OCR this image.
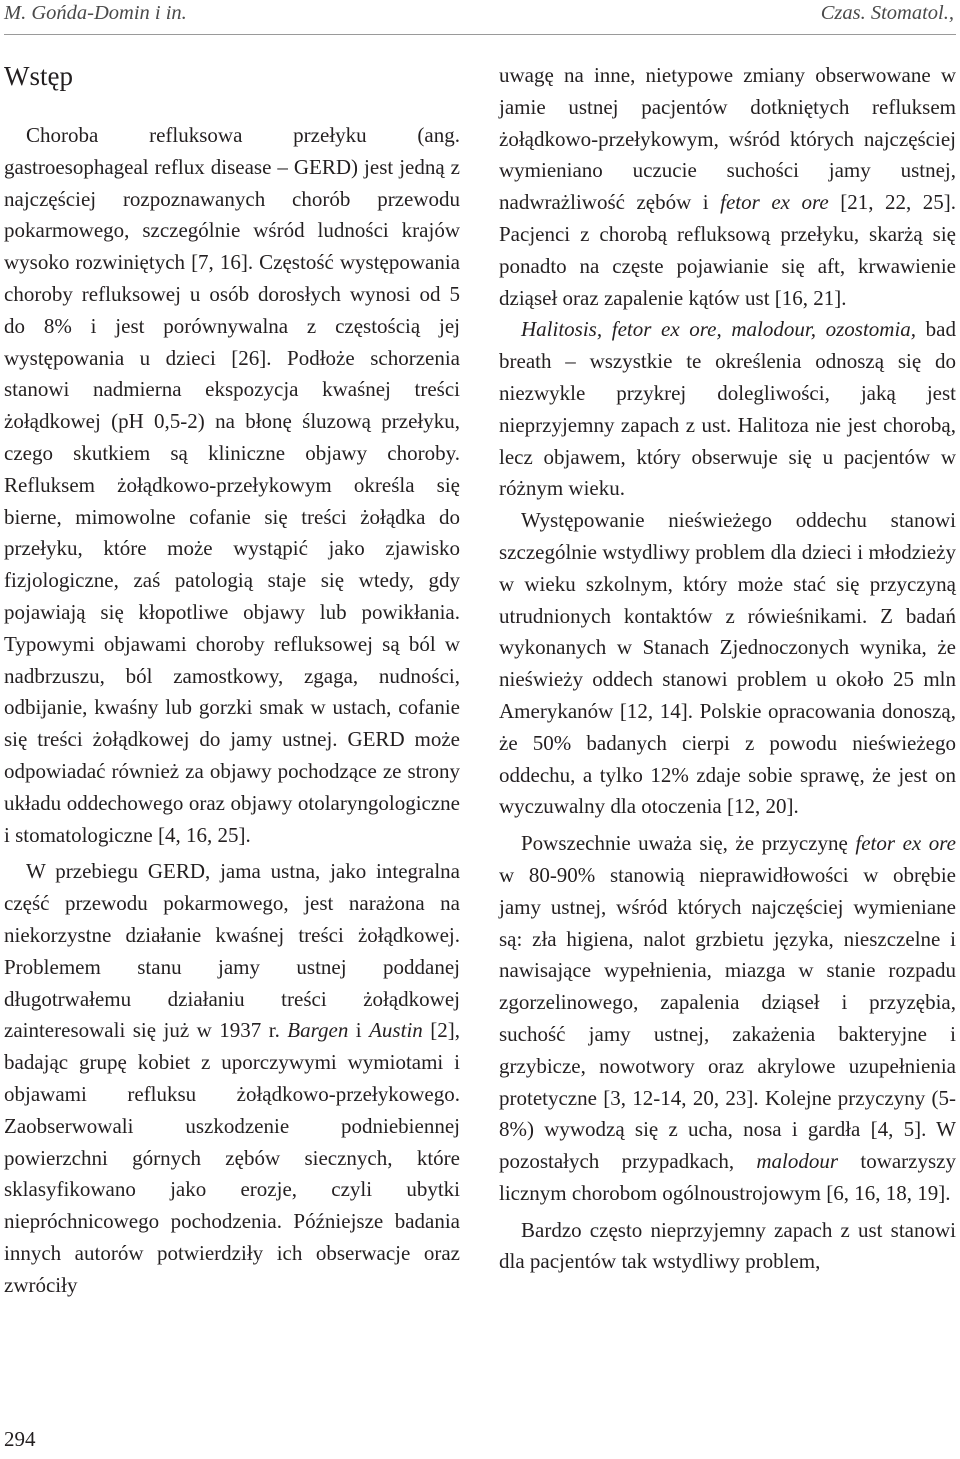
M. Gońda-Domin i in.	Czas. Stomatol.,
Wstęp

Choroba refluksowa przełyku (ang. gastroesophageal reflux disease – GERD) jest jedną z najczęściej rozpoznawanych chorób przewodu pokarmowego, szczególnie wśród ludności krajów wysoko rozwiniętych [7, 16]. Częstość występowania choroby refluksowej u osób dorosłych wynosi od 5 do 8% i jest porównywalna z częstością jej występowania u dzieci [26]. Podłoże schorzenia stanowi nadmierna ekspozycja kwaśnej treści żołądkowej (pH 0,5-2) na błonę śluzową przełyku, czego skutkiem są kliniczne objawy choroby. Refluksem żołądkowo-przełykowym określa się bierne, mimowolne cofanie się treści żołądka do przełyku, które może wystąpić jako zjawisko fizjologiczne, zaś patologią staje się wtedy, gdy pojawiają się kłopotliwe objawy lub powikłania. Typowymi objawami choroby refluksowej są ból w nadbrzuszu, ból zamostkowy, zgaga, nudności, odbijanie, kwaśny lub gorzki smak w ustach, cofanie się treści żołądkowej do jamy ustnej. GERD może odpowiadać również za objawy pochodzące ze strony układu oddechowego oraz objawy otolaryngologiczne i stomatologiczne [4, 16, 25].

W przebiegu GERD, jama ustna, jako integralna część przewodu pokarmowego, jest narażona na niekorzystne działanie kwaśnej treści żołądkowej. Problemem stanu jamy ustnej poddanej długotrwałemu działaniu treści żołądkowej zainteresowali się już w 1937 r. Bargen i Austin [2], badając grupę kobiet z uporczywymi wymiotami i objawami refluksu żołądkowo-przełykowego. Zaobserwowali uszkodzenie podniebiennej powierzchni górnych zębów siecznych, które sklasyfikowano jako erozje, czyli ubytki niepróchnicowego pochodzenia. Późniejsze badania innych autorów potwierdziły ich obserwacje oraz zwróciły

uwagę na inne, nietypowe zmiany obserwowane w jamie ustnej pacjentów dotkniętych refluksem żołądkowo-przełykowym, wśród których najczęściej wymieniano uczucie suchości jamy ustnej, nadwrażliwość zębów i fetor ex ore [21, 22, 25]. Pacjenci z chorobą refluksową przełyku, skarżą się ponadto na częste pojawianie się aft, krwawienie dziąseł oraz zapalenie kątów ust [16, 21].

Halitosis, fetor ex ore, malodour, ozostomia, bad breath – wszystkie te określenia odnoszą się do niezwykle przykrej dolegliwości, jaką jest nieprzyjemny zapach z ust. Halitoza nie jest chorobą, lecz objawem, który obserwuje się u pacjentów w różnym wieku.

Występowanie nieświeżego oddechu stanowi szczególnie wstydliwy problem dla dzieci i młodzieży w wieku szkolnym, który może stać się przyczyną utrudnionych kontaktów z rówieśnikami. Z badań wykonanych w Stanach Zjednoczonych wynika, że nieświeży oddech stanowi problem u około 25 mln Amerykanów [12, 14]. Polskie opracowania donoszą, że 50% badanych cierpi z powodu nieświeżego oddechu, a tylko 12% zdaje sobie sprawę, że jest on wyczuwalny dla otoczenia [12, 20].

Powszechnie uważa się, że przyczynę fetor ex ore w 80-90% stanowią nieprawidłowości w obrębie jamy ustnej, wśród których najczęściej wymieniane są: zła higiena, nalot grzbietu języka, nieszczelne i nawisające wypełnienia, miazga w stanie rozpadu zgorzelinowego, zapalenia dziąseł i przyzębia, suchość jamy ustnej, zakażenia bakteryjne i grzybicze, nowotwory oraz akrylowe uzupełnienia protetyczne [3, 12-14, 20, 23]. Kolejne przyczyny (5-8%) wywodzą się z ucha, nosa i gardła [4, 5]. W pozostałych przypadkach, malodour towarzyszy licznym chorobom ogólnoustrojowym [6, 16, 18, 19].

Bardzo często nieprzyjemny zapach z ust stanowi dla pacjentów tak wstydliwy problem,

294
